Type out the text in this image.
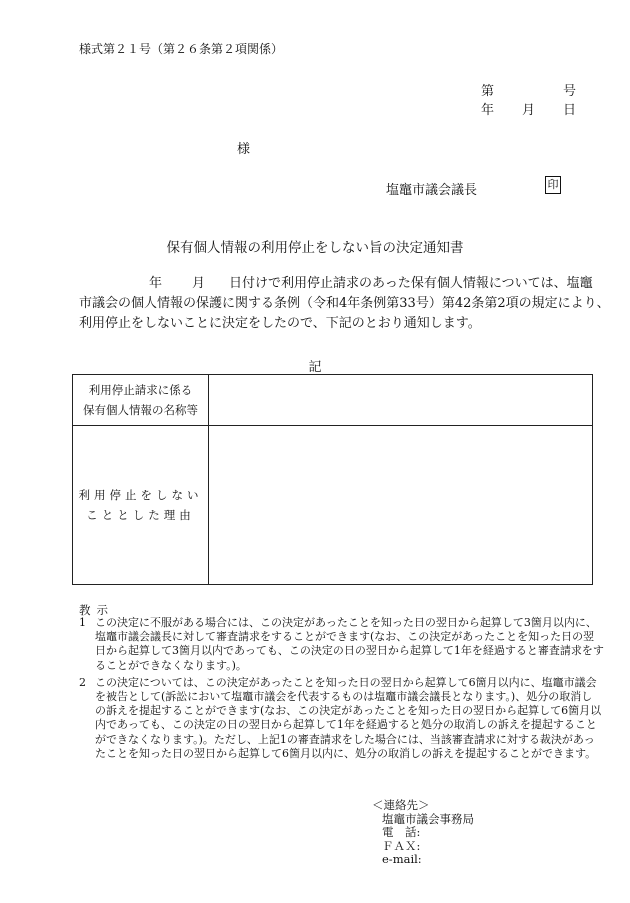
様式第２１号（第２６条第２項関係）
第	号
年 月 日
様
塩竈市議会議長	印
保有個人情報の利用停止をしない旨の決定通知書

年 月 日付けで利用停止請求のあった保有個人情報については、塩竈

市議会の個人情報の保護に関する条例（令和4年条例第33号）第42条第2項の規定により、

利用停止をしないことに決定をしたので、下記のとおり通知します。

記
利用停止請求に係る
保有個人情報の名称等	

利用停止をしない
こととした理由	

教示
1 この決定に不服がある場合には、この決定があったことを知った日の翌日から起算して3箇月以内に、
塩竈市議会議長に対して審査請求をすることができます(なお、この決定があったことを知った日の翌
日から起算して3箇月以内であっても、この決定の日の翌日から起算して1年を経過すると審査請求をす
ることができなくなります。)。
2 この決定については、この決定があったことを知った日の翌日から起算して6箇月以内に、塩竈市議会
を被告として(訴訟において塩竈市議会を代表するものは塩竈市議会議長となります。)、処分の取消し
の訴えを提起することができます(なお、この決定があったことを知った日の翌日から起算して6箇月以
内であっても、この決定の日の翌日から起算して1年を経過すると処分の取消しの訴えを提起すること
ができなくなります。)。ただし、上記1の審査請求をした場合には、当該審査請求に対する裁決があっ
たことを知った日の翌日から起算して6箇月以内に、処分の取消しの訴えを提起することができます。
＜連絡先＞
塩竈市議会事務局
電　話:
ＦＡＸ:
e-mail:
